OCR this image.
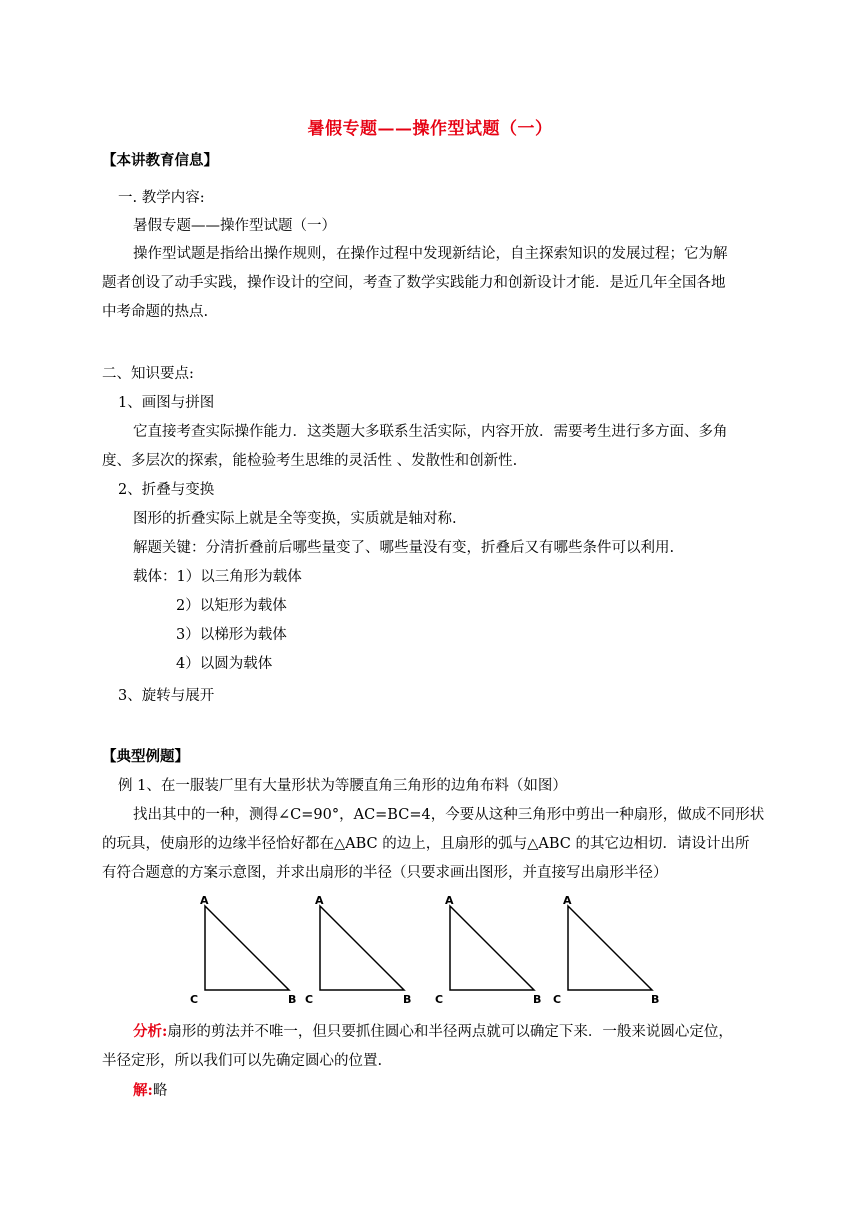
暑假专题——操作型试题（一）
【本讲教育信息】
一. 教学内容:
暑假专题——操作型试题（一）
操作型试题是指给出操作规则，在操作过程中发现新结论，自主探索知识的发展过程；它为解
题者创设了动手实践，操作设计的空间，考查了数学实践能力和创新设计才能．是近几年全国各地
中考命题的热点.
二、知识要点:
1、画图与拼图
它直接考查实际操作能力．这类题大多联系生活实际，内容开放．需要考生进行多方面、多角
度、多层次的探索，能检验考生思维的灵活性 、发散性和创新性.
2、折叠与变换
图形的折叠实际上就是全等变换，实质就是轴对称.
解题关键：分清折叠前后哪些量变了、哪些量没有变，折叠后又有哪些条件可以利用.
载体：1）以三角形为载体
2）以矩形为载体
3）以梯形为载体
4）以圆为载体
3、旋转与展开
【典型例题】
例 1、在一服装厂里有大量形状为等腰直角三角形的边角布料（如图）
找出其中的一种，测得∠C=90°，AC=BC=4，今要从这种三角形中剪出一种扇形，做成不同形状
的玩具，使扇形的边缘半径恰好都在△ABC 的边上，且扇形的弧与△ABC 的其它边相切．请设计出所
有符合题意的方案示意图，并求出扇形的半径（只要求画出图形，并直接写出扇形半径）
A
C	B
A
C	B
A
C	B
A
C	B
分析:扇形的剪法并不唯一，但只要抓住圆心和半径两点就可以确定下来．一般来说圆心定位，
半径定形，所以我们可以先确定圆心的位置.
解:略
